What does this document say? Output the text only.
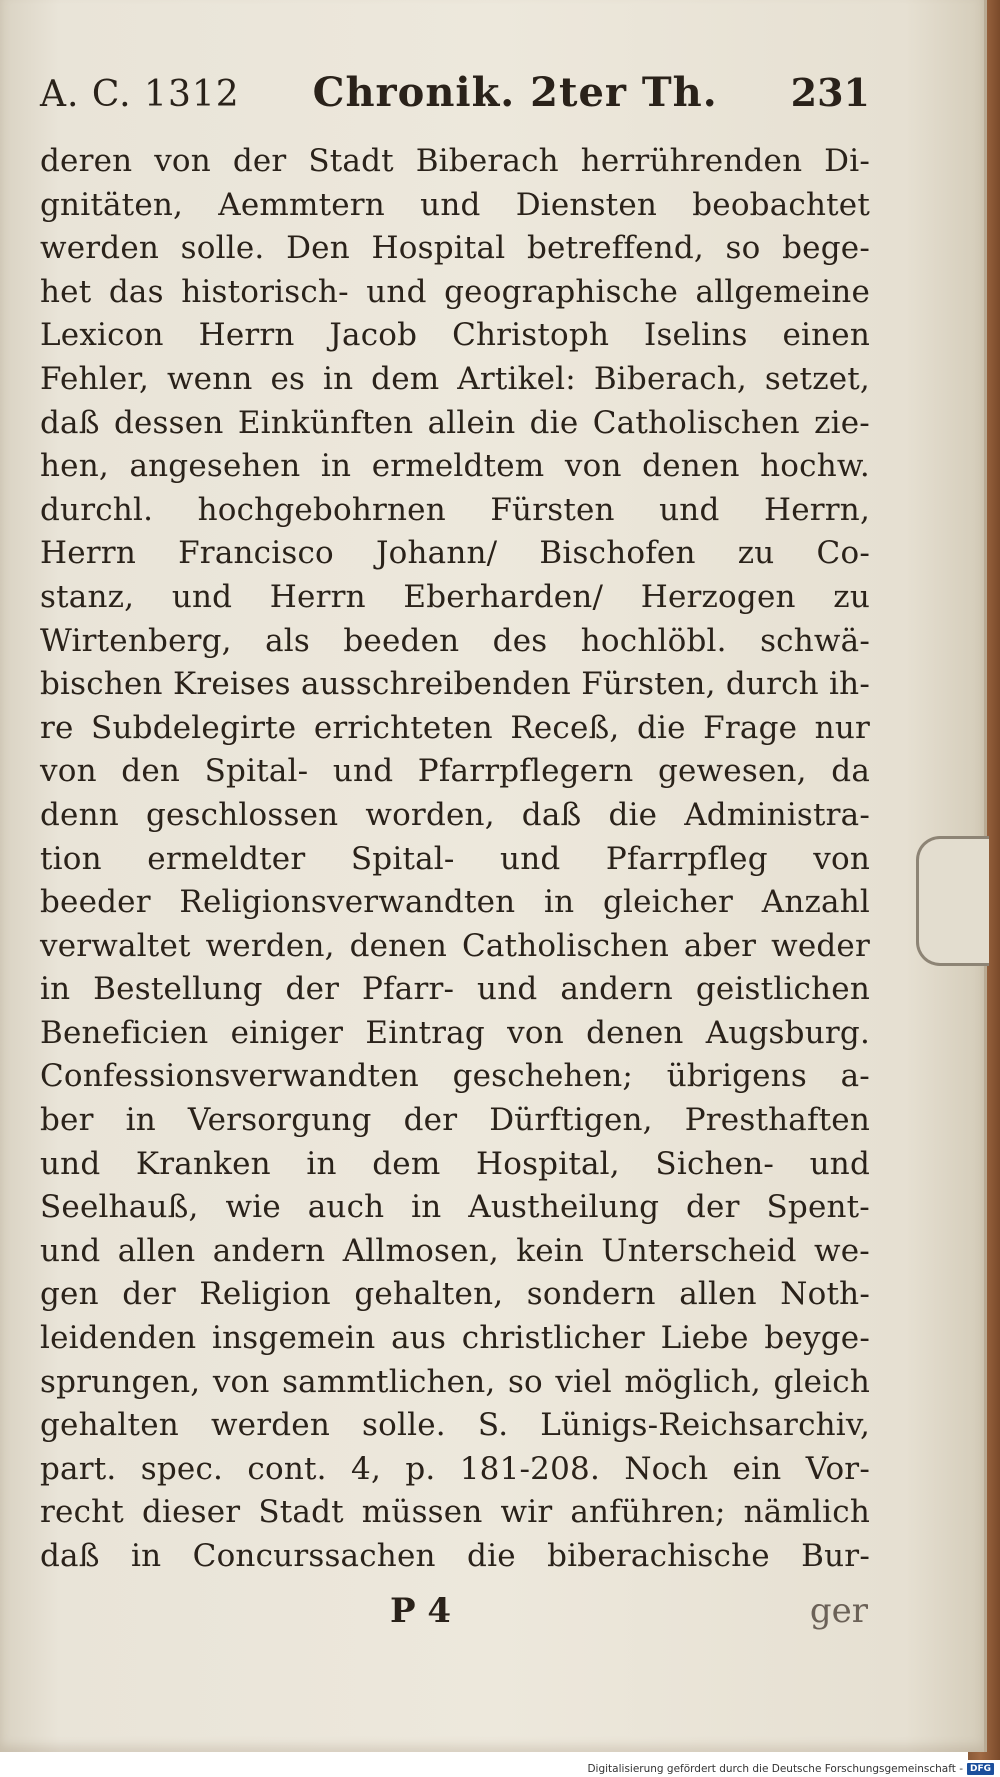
A. C. 1312 Chronik. 2ter Th. 231
deren von der Stadt Biberach herrührenden Di-
gnitäten, Aemmtern und Diensten beobachtet
werden solle. Den Hospital betreffend, so bege-
het das historisch- und geographische allgemeine
Lexicon Herrn Jacob Christoph Iselins einen
Fehler, wenn es in dem Artikel: Biberach, setzet,
daß dessen Einkünften allein die Catholischen zie-
hen, angesehen in ermeldtem von denen hochw.
durchl. hochgebohrnen Fürsten und Herrn,
Herrn Francisco Johann/ Bischofen zu Co-
stanz, und Herrn Eberharden/ Herzogen zu
Wirtenberg, als beeden des hochlöbl. schwä-
bischen Kreises ausschreibenden Fürsten, durch ih-
re Subdelegirte errichteten Receß, die Frage nur
von den Spital- und Pfarrpflegern gewesen, da
denn geschlossen worden, daß die Administra-
tion ermeldter Spital- und Pfarrpfleg von
beeder Religionsverwandten in gleicher Anzahl
verwaltet werden, denen Catholischen aber weder
in Bestellung der Pfarr- und andern geistlichen
Beneficien einiger Eintrag von denen Augsburg.
Confessionsverwandten geschehen; übrigens a-
ber in Versorgung der Dürftigen, Presthaften
und Kranken in dem Hospital, Sichen- und
Seelhauß, wie auch in Austheilung der Spent-
und allen andern Allmosen, kein Unterscheid we-
gen der Religion gehalten, sondern allen Noth-
leidenden insgemein aus christlicher Liebe beyge-
sprungen, von sammtlichen, so viel möglich, gleich
gehalten werden solle. S. Lünigs-Reichsarchiv,
part. spec. cont. 4, p. 181-208. Noch ein Vor-
recht dieser Stadt müssen wir anführen; nämlich
daß in Concurssachen die biberachische Bur-
P 4	ger
Digitalisierung gefördert durch die Deutsche Forschungsgemeinschaft - DFG
